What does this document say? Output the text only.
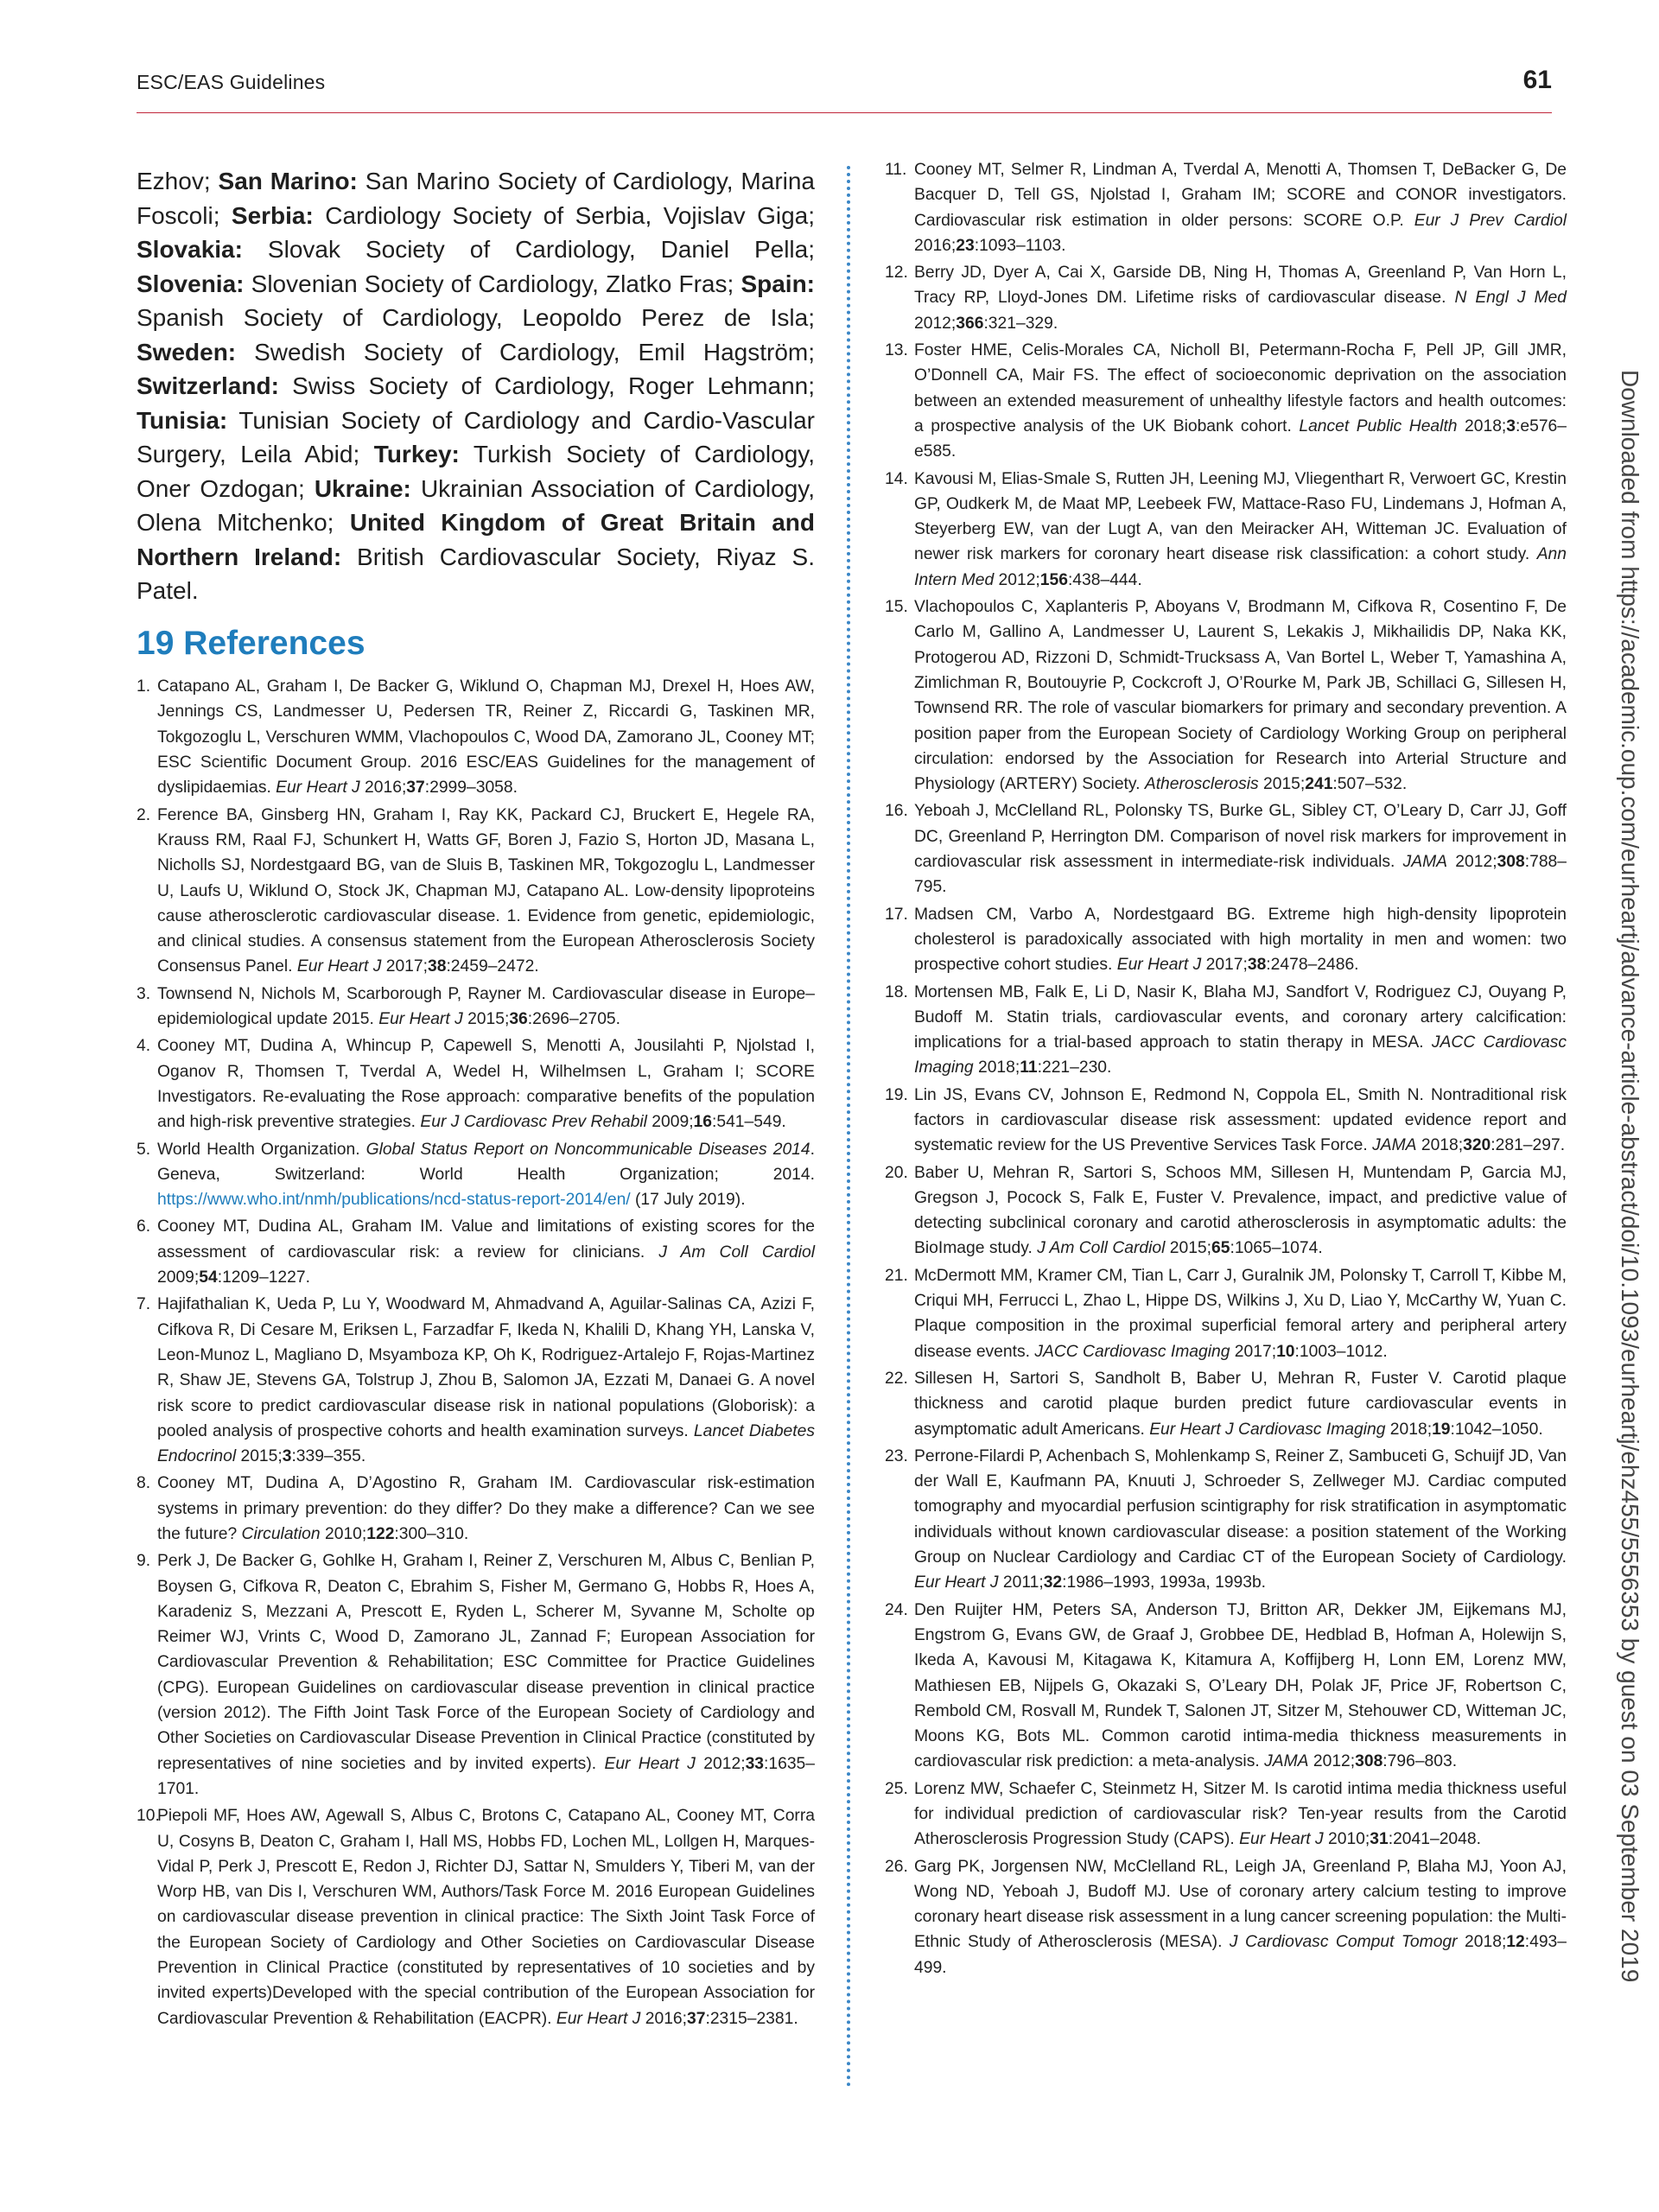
ESC/EAS Guidelines	61

Ezhov; San Marino: San Marino Society of Cardiology, Marina Foscoli; Serbia: Cardiology Society of Serbia, Vojislav Giga; Slovakia: Slovak Society of Cardiology, Daniel Pella; Slovenia: Slovenian Society of Cardiology, Zlatko Fras; Spain: Spanish Society of Cardiology, Leopoldo Perez de Isla; Sweden: Swedish Society of Cardiology, Emil Hagström; Switzerland: Swiss Society of Cardiology, Roger Lehmann; Tunisia: Tunisian Society of Cardiology and Cardio-Vascular Surgery, Leila Abid; Turkey: Turkish Society of Cardiology, Oner Ozdogan; Ukraine: Ukrainian Association of Cardiology, Olena Mitchenko; United Kingdom of Great Britain and Northern Ireland: British Cardiovascular Society, Riyaz S. Patel.

19 References
1. Catapano AL, Graham I, De Backer G, Wiklund O, Chapman MJ, Drexel H, Hoes AW, Jennings CS, Landmesser U, Pedersen TR, Reiner Z, Riccardi G, Taskinen MR, Tokgozoglu L, Verschuren WMM, Vlachopoulos C, Wood DA, Zamorano JL, Cooney MT; ESC Scientific Document Group. 2016 ESC/EAS Guidelines for the management of dyslipidaemias. Eur Heart J 2016;37:2999–3058.
2. Ference BA, Ginsberg HN, Graham I, Ray KK, Packard CJ, Bruckert E, Hegele RA, Krauss RM, Raal FJ, Schunkert H, Watts GF, Boren J, Fazio S, Horton JD, Masana L, Nicholls SJ, Nordestgaard BG, van de Sluis B, Taskinen MR, Tokgozoglu L, Landmesser U, Laufs U, Wiklund O, Stock JK, Chapman MJ, Catapano AL. Low-density lipoproteins cause atherosclerotic cardiovascular disease. 1. Evidence from genetic, epidemiologic, and clinical studies. A consensus statement from the European Atherosclerosis Society Consensus Panel. Eur Heart J 2017;38:2459–2472.
3. Townsend N, Nichols M, Scarborough P, Rayner M. Cardiovascular disease in Europe–epidemiological update 2015. Eur Heart J 2015;36:2696–2705.
4. Cooney MT, Dudina A, Whincup P, Capewell S, Menotti A, Jousilahti P, Njolstad I, Oganov R, Thomsen T, Tverdal A, Wedel H, Wilhelmsen L, Graham I; SCORE Investigators. Re-evaluating the Rose approach: comparative benefits of the population and high-risk preventive strategies. Eur J Cardiovasc Prev Rehabil 2009;16:541–549.
5. World Health Organization. Global Status Report on Noncommunicable Diseases 2014. Geneva, Switzerland: World Health Organization; 2014. https://www.who.int/nmh/publications/ncd-status-report-2014/en/ (17 July 2019).
6. Cooney MT, Dudina AL, Graham IM. Value and limitations of existing scores for the assessment of cardiovascular risk: a review for clinicians. J Am Coll Cardiol 2009;54:1209–1227.
7. Hajifathalian K, Ueda P, Lu Y, Woodward M, Ahmadvand A, Aguilar-Salinas CA, Azizi F, Cifkova R, Di Cesare M, Eriksen L, Farzadfar F, Ikeda N, Khalili D, Khang YH, Lanska V, Leon-Munoz L, Magliano D, Msyamboza KP, Oh K, Rodriguez-Artalejo F, Rojas-Martinez R, Shaw JE, Stevens GA, Tolstrup J, Zhou B, Salomon JA, Ezzati M, Danaei G. A novel risk score to predict cardiovascular disease risk in national populations (Globorisk): a pooled analysis of prospective cohorts and health examination surveys. Lancet Diabetes Endocrinol 2015;3:339–355.
8. Cooney MT, Dudina A, D’Agostino R, Graham IM. Cardiovascular risk-estimation systems in primary prevention: do they differ? Do they make a difference? Can we see the future? Circulation 2010;122:300–310.
9. Perk J, De Backer G, Gohlke H, Graham I, Reiner Z, Verschuren M, Albus C, Benlian P, Boysen G, Cifkova R, Deaton C, Ebrahim S, Fisher M, Germano G, Hobbs R, Hoes A, Karadeniz S, Mezzani A, Prescott E, Ryden L, Scherer M, Syvanne M, Scholte op Reimer WJ, Vrints C, Wood D, Zamorano JL, Zannad F; European Association for Cardiovascular Prevention & Rehabilitation; ESC Committee for Practice Guidelines (CPG). European Guidelines on cardiovascular disease prevention in clinical practice (version 2012). The Fifth Joint Task Force of the European Society of Cardiology and Other Societies on Cardiovascular Disease Prevention in Clinical Practice (constituted by representatives of nine societies and by invited experts). Eur Heart J 2012;33:1635–1701.
10.
Piepoli MF, Hoes AW, Agewall S, Albus C, Brotons C, Catapano AL, Cooney MT, Corra U, Cosyns B, Deaton C, Graham I, Hall MS, Hobbs FD, Lochen ML, Lollgen H, Marques-Vidal P, Perk J, Prescott E, Redon J, Richter DJ, Sattar N, Smulders Y, Tiberi M, van der Worp HB, van Dis I, Verschuren WM, Authors/Task Force M. 2016 European Guidelines on cardiovascular disease prevention in clinical practice: The Sixth Joint Task Force of the European Society of Cardiology and Other Societies on Cardiovascular Disease Prevention in Clinical Practice (constituted by representatives of 10 societies and by invited experts)Developed with the special contribution of the European Association for Cardiovascular Prevention & Rehabilitation (EACPR). Eur Heart J 2016;37:2315–2381.
11. Cooney MT, Selmer R, Lindman A, Tverdal A, Menotti A, Thomsen T, DeBacker G, De Bacquer D, Tell GS, Njolstad I, Graham IM; SCORE and CONOR investigators. Cardiovascular risk estimation in older persons: SCORE O.P. Eur J Prev Cardiol 2016;23:1093–1103.
12. Berry JD, Dyer A, Cai X, Garside DB, Ning H, Thomas A, Greenland P, Van Horn L, Tracy RP, Lloyd-Jones DM. Lifetime risks of cardiovascular disease. N Engl J Med 2012;366:321–329.
13. Foster HME, Celis-Morales CA, Nicholl BI, Petermann-Rocha F, Pell JP, Gill JMR, O’Donnell CA, Mair FS. The effect of socioeconomic deprivation on the association between an extended measurement of unhealthy lifestyle factors and health outcomes: a prospective analysis of the UK Biobank cohort. Lancet Public Health 2018;3:e576–e585.
14. Kavousi M, Elias-Smale S, Rutten JH, Leening MJ, Vliegenthart R, Verwoert GC, Krestin GP, Oudkerk M, de Maat MP, Leebeek FW, Mattace-Raso FU, Lindemans J, Hofman A, Steyerberg EW, van der Lugt A, van den Meiracker AH, Witteman JC. Evaluation of newer risk markers for coronary heart disease risk classification: a cohort study. Ann Intern Med 2012;156:438–444.
15. Vlachopoulos C, Xaplanteris P, Aboyans V, Brodmann M, Cifkova R, Cosentino F, De Carlo M, Gallino A, Landmesser U, Laurent S, Lekakis J, Mikhailidis DP, Naka KK, Protogerou AD, Rizzoni D, Schmidt-Trucksass A, Van Bortel L, Weber T, Yamashina A, Zimlichman R, Boutouyrie P, Cockcroft J, O’Rourke M, Park JB, Schillaci G, Sillesen H, Townsend RR. The role of vascular biomarkers for primary and secondary prevention. A position paper from the European Society of Cardiology Working Group on peripheral circulation: endorsed by the Association for Research into Arterial Structure and Physiology (ARTERY) Society. Atherosclerosis 2015;241:507–532.
16. Yeboah J, McClelland RL, Polonsky TS, Burke GL, Sibley CT, O’Leary D, Carr JJ, Goff DC, Greenland P, Herrington DM. Comparison of novel risk markers for improvement in cardiovascular risk assessment in intermediate-risk individuals. JAMA 2012;308:788–795.
17. Madsen CM, Varbo A, Nordestgaard BG. Extreme high high-density lipoprotein cholesterol is paradoxically associated with high mortality in men and women: two prospective cohort studies. Eur Heart J 2017;38:2478–2486.
18. Mortensen MB, Falk E, Li D, Nasir K, Blaha MJ, Sandfort V, Rodriguez CJ, Ouyang P, Budoff M. Statin trials, cardiovascular events, and coronary artery calcification: implications for a trial-based approach to statin therapy in MESA. JACC Cardiovasc Imaging 2018;11:221–230.
19. Lin JS, Evans CV, Johnson E, Redmond N, Coppola EL, Smith N. Nontraditional risk factors in cardiovascular disease risk assessment: updated evidence report and systematic review for the US Preventive Services Task Force. JAMA 2018;320:281–297.
20. Baber U, Mehran R, Sartori S, Schoos MM, Sillesen H, Muntendam P, Garcia MJ, Gregson J, Pocock S, Falk E, Fuster V. Prevalence, impact, and predictive value of detecting subclinical coronary and carotid atherosclerosis in asymptomatic adults: the BioImage study. J Am Coll Cardiol 2015;65:1065–1074.
21. McDermott MM, Kramer CM, Tian L, Carr J, Guralnik JM, Polonsky T, Carroll T, Kibbe M, Criqui MH, Ferrucci L, Zhao L, Hippe DS, Wilkins J, Xu D, Liao Y, McCarthy W, Yuan C. Plaque composition in the proximal superficial femoral artery and peripheral artery disease events. JACC Cardiovasc Imaging 2017;10:1003–1012.
22. Sillesen H, Sartori S, Sandholt B, Baber U, Mehran R, Fuster V. Carotid plaque thickness and carotid plaque burden predict future cardiovascular events in asymptomatic adult Americans. Eur Heart J Cardiovasc Imaging 2018;19:1042–1050.
23. Perrone-Filardi P, Achenbach S, Mohlenkamp S, Reiner Z, Sambuceti G, Schuijf JD, Van der Wall E, Kaufmann PA, Knuuti J, Schroeder S, Zellweger MJ. Cardiac computed tomography and myocardial perfusion scintigraphy for risk stratification in asymptomatic individuals without known cardiovascular disease: a position statement of the Working Group on Nuclear Cardiology and Cardiac CT of the European Society of Cardiology. Eur Heart J 2011;32:1986–1993, 1993a, 1993b.
24. Den Ruijter HM, Peters SA, Anderson TJ, Britton AR, Dekker JM, Eijkemans MJ, Engstrom G, Evans GW, de Graaf J, Grobbee DE, Hedblad B, Hofman A, Holewijn S, Ikeda A, Kavousi M, Kitagawa K, Kitamura A, Koffijberg H, Lonn EM, Lorenz MW, Mathiesen EB, Nijpels G, Okazaki S, O’Leary DH, Polak JF, Price JF, Robertson C, Rembold CM, Rosvall M, Rundek T, Salonen JT, Sitzer M, Stehouwer CD, Witteman JC, Moons KG, Bots ML. Common carotid intima-media thickness measurements in cardiovascular risk prediction: a meta-analysis. JAMA 2012;308:796–803.
25. Lorenz MW, Schaefer C, Steinmetz H, Sitzer M. Is carotid intima media thickness useful for individual prediction of cardiovascular risk? Ten-year results from the Carotid Atherosclerosis Progression Study (CAPS). Eur Heart J 2010;31:2041–2048.
26. Garg PK, Jorgensen NW, McClelland RL, Leigh JA, Greenland P, Blaha MJ, Yoon AJ, Wong ND, Yeboah J, Budoff MJ. Use of coronary artery calcium testing to improve coronary heart disease risk assessment in a lung cancer screening population: the Multi-Ethnic Study of Atherosclerosis (MESA). J Cardiovasc Comput Tomogr 2018;12:493–499.	Downloaded from https://academic.oup.com/eurheartj/advance-article-abstract/doi/10.1093/eurheartj/ehz455/5556353 by guest on 03 September 2019
